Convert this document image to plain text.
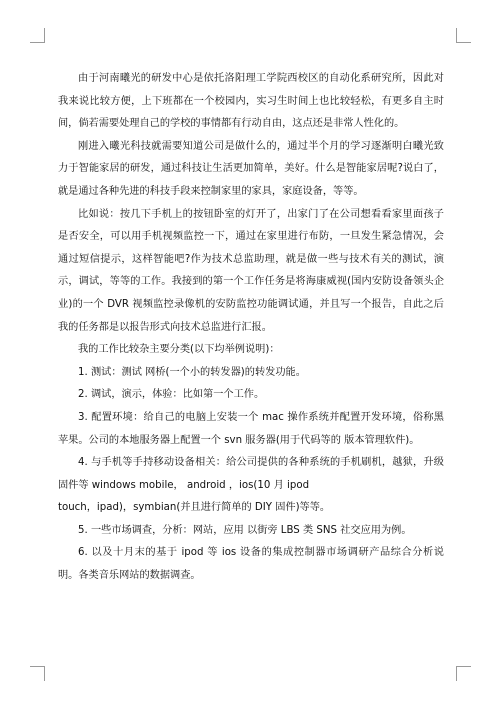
由于河南曦光的研发中心是依托洛阳理工学院西校区的自动化系研究所，因此对我来说比较方便，上下班都在一个校园内，实习生时间上也比较轻松，有更多自主时间，倘若需要处理自己的学校的事情都有行动自由，这点还是非常人性化的。

刚进入曦光科技就需要知道公司是做什么的，通过半个月的学习逐渐明白曦光致力于智能家居的研发，通过科技让生活更加简单，美好。什么是智能家居呢?说白了，就是通过各种先进的科技手段来控制家里的家具，家庭设备，等等。

比如说：按几下手机上的按钮卧室的灯开了，出家门了在公司想看看家里面孩子是否安全，可以用手机视频监控一下，通过在家里进行布防，一旦发生紧急情况，会通过短信提示，这样智能吧?作为技术总监助理，就是做一些与技术有关的测试，演示，调试，等等的工作。我接到的第一个工作任务是将海康威视(国内安防设备领头企业)的一个 DVR 视频监控录像机的安防监控功能调试通，并且写一个报告，自此之后我的任务都是以报告形式向技术总监进行汇报。

我的工作比较杂主要分类(以下均举例说明)：

1. 测试：测试 网桥(一个小的转发器)的转发功能。

2. 调试，演示，体验：比如第一个工作。

3. 配置环境：给自己的电脑上安装一个 mac 操作系统并配置开发环境，俗称黑苹果。公司的本地服务器上配置一个 svn 服务器(用于代码等的 版本管理软件)。

4. 与手机等手持移动设备相关：给公司提供的各种系统的手机刷机，越狱，升级固件等 windows mobile， android ，ios(10 月 ipod

touch，ipad)，symbian(并且进行简单的 DIY 固件)等等。

5. 一些市场调查，分析：网站，应用 以街旁 LBS 类 SNS 社交应用为例。

6. 以及十月末的基于 ipod 等 ios 设备的集成控制器市场调研产品综合分析说明。各类音乐网站的数据调查。
